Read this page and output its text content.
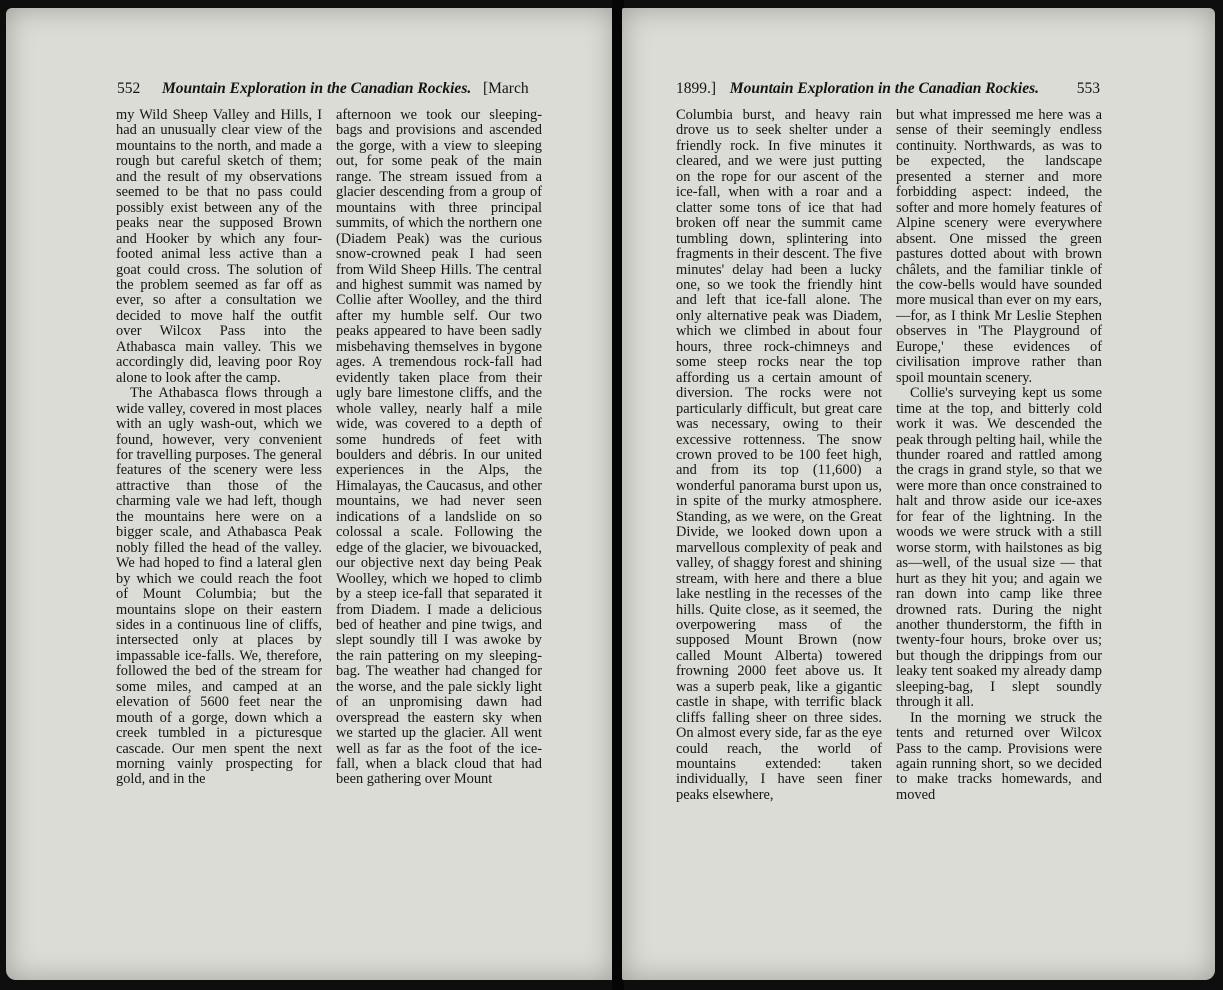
552 Mountain Exploration in the Canadian Rockies. [March

my Wild Sheep Valley and Hills, I had an unusually clear view of the mountains to the north, and made a rough but careful sketch of them; and the result of my observations seemed to be that no pass could possibly exist between any of the peaks near the supposed Brown and Hooker by which any four-footed animal less active than a goat could cross. The solution of the problem seemed as far off as ever, so after a consultation we decided to move half the outfit over Wilcox Pass into the Athabasca main valley. This we accordingly did, leaving poor Roy alone to look after the camp.

The Athabasca flows through a wide valley, covered in most places with an ugly wash-out, which we found, however, very convenient for travelling purposes. The general features of the scenery were less attractive than those of the charming vale we had left, though the mountains here were on a bigger scale, and Athabasca Peak nobly filled the head of the valley. We had hoped to find a lateral glen by which we could reach the foot of Mount Columbia; but the mountains slope on their eastern sides in a continuous line of cliffs, intersected only at places by impassable ice-falls. We, therefore, followed the bed of the stream for some miles, and camped at an elevation of 5600 feet near the mouth of a gorge, down which a creek tumbled in a picturesque cascade. Our men spent the next morning vainly prospecting for gold, and in the

afternoon we took our sleeping-bags and provisions and ascended the gorge, with a view to sleeping out, for some peak of the main range. The stream issued from a glacier descending from a group of mountains with three principal summits, of which the northern one (Diadem Peak) was the curious snow-crowned peak I had seen from Wild Sheep Hills. The central and highest summit was named by Collie after Woolley, and the third after my humble self. Our two peaks appeared to have been sadly misbehaving themselves in bygone ages. A tremendous rock-fall had evidently taken place from their ugly bare limestone cliffs, and the whole valley, nearly half a mile wide, was covered to a depth of some hundreds of feet with boulders and débris. In our united experiences in the Alps, the Himalayas, the Caucasus, and other mountains, we had never seen indications of a landslide on so colossal a scale. Following the edge of the glacier, we bivouacked, our objective next day being Peak Woolley, which we hoped to climb by a steep ice-fall that separated it from Diadem. I made a delicious bed of heather and pine twigs, and slept soundly till I was awoke by the rain pattering on my sleeping-bag. The weather had changed for the worse, and the pale sickly light of an unpromising dawn had overspread the eastern sky when we started up the glacier. All went well as far as the foot of the ice-fall, when a black cloud that had been gathering over Mount

1899.] Mountain Exploration in the Canadian Rockies. 553

Columbia burst, and heavy rain drove us to seek shelter under a friendly rock. In five minutes it cleared, and we were just putting on the rope for our ascent of the ice-fall, when with a roar and a clatter some tons of ice that had broken off near the summit came tumbling down, splintering into fragments in their descent. The five minutes' delay had been a lucky one, so we took the friendly hint and left that ice-fall alone. The only alternative peak was Diadem, which we climbed in about four hours, three rock-chimneys and some steep rocks near the top affording us a certain amount of diversion. The rocks were not particularly difficult, but great care was necessary, owing to their excessive rottenness. The snow crown proved to be 100 feet high, and from its top (11,600) a wonderful panorama burst upon us, in spite of the murky atmosphere. Standing, as we were, on the Great Divide, we looked down upon a marvellous complexity of peak and valley, of shaggy forest and shining stream, with here and there a blue lake nestling in the recesses of the hills. Quite close, as it seemed, the overpowering mass of the supposed Mount Brown (now called Mount Alberta) towered frowning 2000 feet above us. It was a superb peak, like a gigantic castle in shape, with terrific black cliffs falling sheer on three sides. On almost every side, far as the eye could reach, the world of mountains extended: taken individually, I have seen finer peaks elsewhere,

but what impressed me here was a sense of their seemingly endless continuity. Northwards, as was to be expected, the landscape presented a sterner and more forbidding aspect: indeed, the softer and more homely features of Alpine scenery were everywhere absent. One missed the green pastures dotted about with brown châlets, and the familiar tinkle of the cow-bells would have sounded more musical than ever on my ears,—for, as I think Mr Leslie Stephen observes in 'The Playground of Europe,' these evidences of civilisation improve rather than spoil mountain scenery.

Collie's surveying kept us some time at the top, and bitterly cold work it was. We descended the peak through pelting hail, while the thunder roared and rattled among the crags in grand style, so that we were more than once constrained to halt and throw aside our ice-axes for fear of the lightning. In the woods we were struck with a still worse storm, with hailstones as big as—well, of the usual size — that hurt as they hit you; and again we ran down into camp like three drowned rats. During the night another thunderstorm, the fifth in twenty-four hours, broke over us; but though the drippings from our leaky tent soaked my already damp sleeping-bag, I slept soundly through it all.

In the morning we struck the tents and returned over Wilcox Pass to the camp. Provisions were again running short, so we decided to make tracks homewards, and moved
